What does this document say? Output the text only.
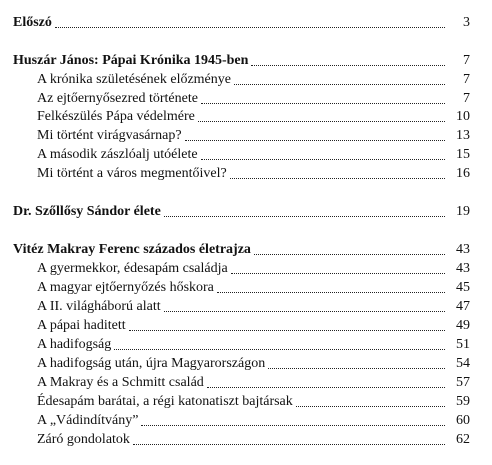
Előszó	3
Huszár János: Pápai Krónika 1945-ben	7
A krónika születésének előzménye	7
Az ejtőernyősezred története	7
Felkészülés Pápa védelmére	10
Mi történt virágvasárnap?	13
A második zászlóalj utóélete	15
Mi történt a város megmentőivel?	16
Dr. Szőllősy Sándor élete	19
Vitéz Makray Ferenc százados életrajza	43
A gyermekkor, édesapám családja	43
A magyar ejtőernyőzés hőskora	45
A II. világháború alatt	47
A pápai haditett	49
A hadifogság	51
A hadifogság után, újra Magyarországon	54
A Makray és a Schmitt család	57
Édesapám barátai, a régi katonatiszt bajtársak	59
A „Vádindítvány”	60
Záró gondolatok	62
